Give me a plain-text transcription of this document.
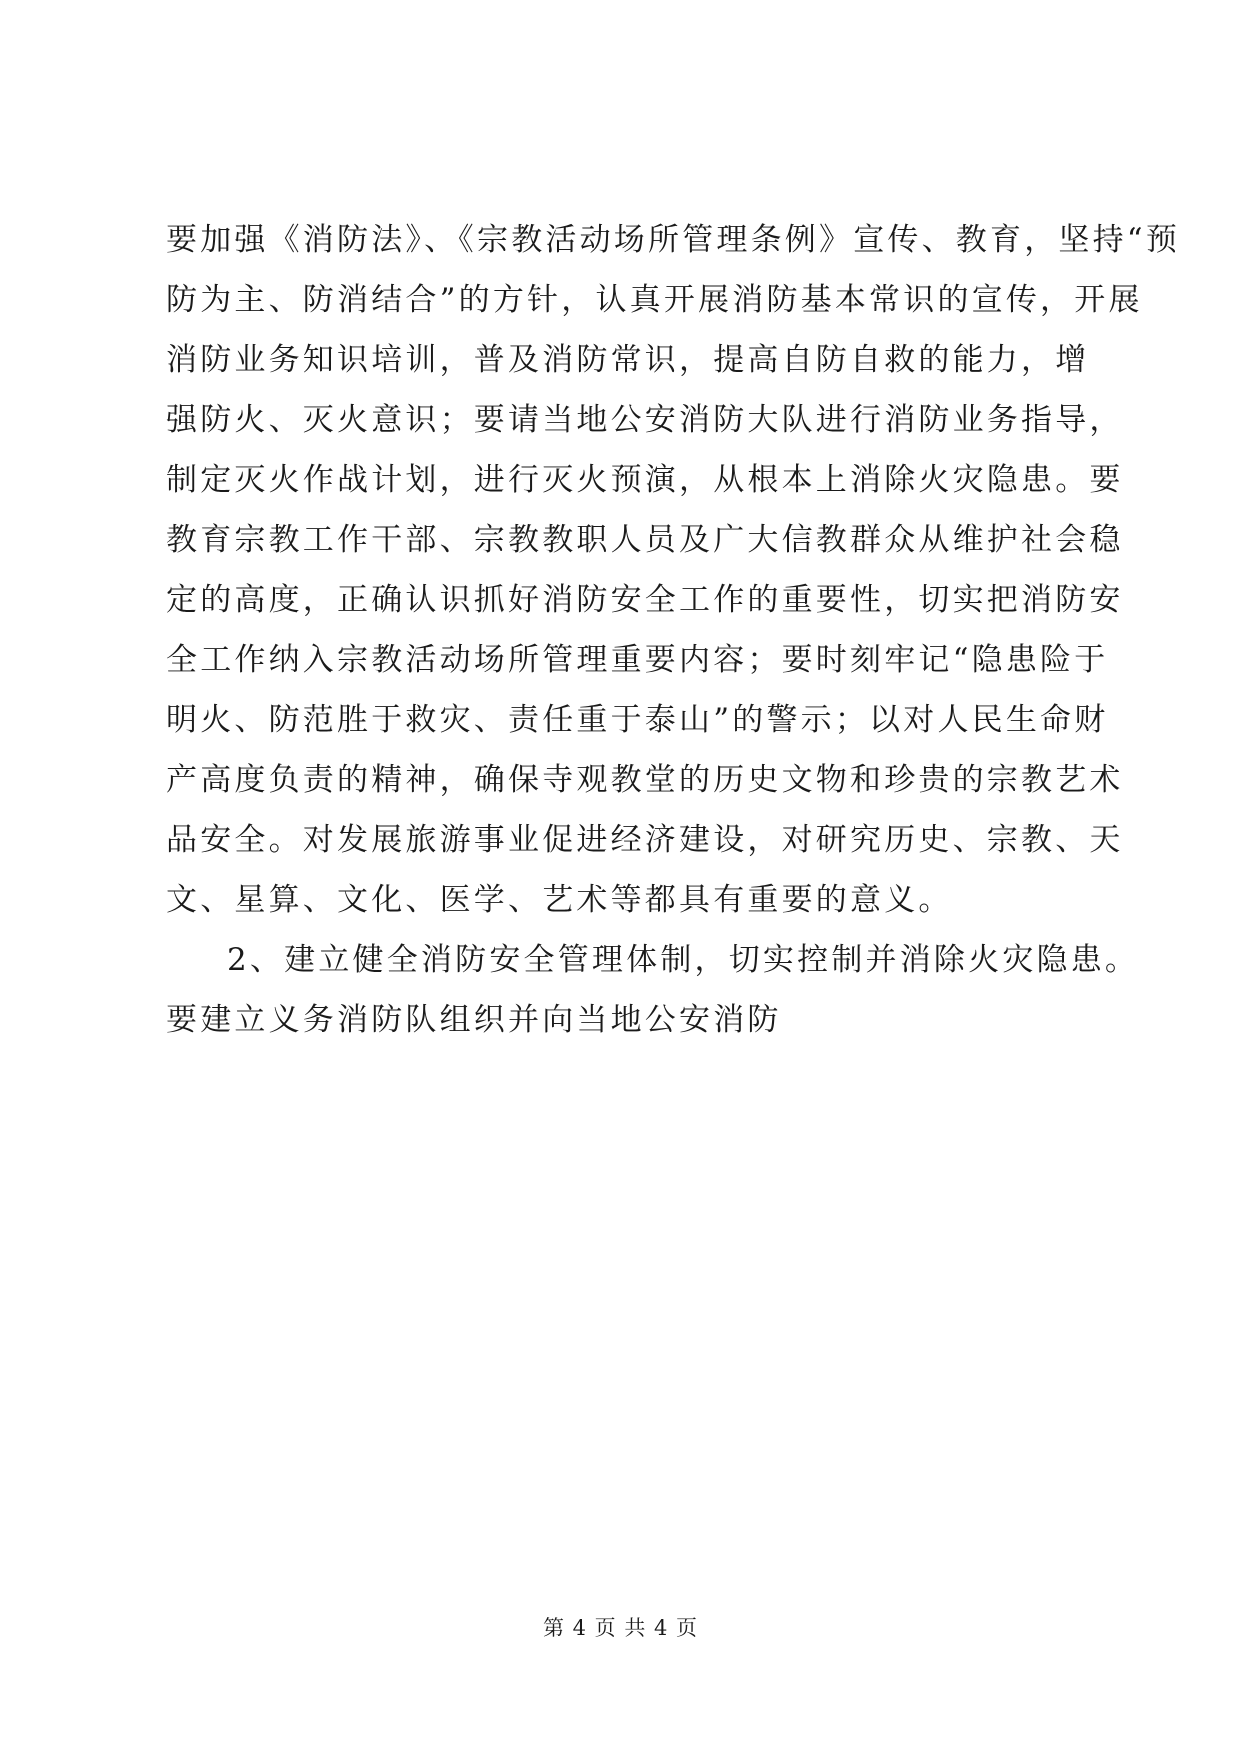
要加强《消防法》、《宗教活动场所管理条例》宣传、教育，坚持“预
防为主、防消结合”的方针，认真开展消防基本常识的宣传，开展
消防业务知识培训，普及消防常识，提高自防自救的能力，增
强防火、灭火意识；要请当地公安消防大队进行消防业务指导，
制定灭火作战计划，进行灭火预演，从根本上消除火灾隐患。要
教育宗教工作干部、宗教教职人员及广大信教群众从维护社会稳
定的高度，正确认识抓好消防安全工作的重要性，切实把消防安
全工作纳入宗教活动场所管理重要内容；要时刻牢记“隐患险于
明火、防范胜于救灾、责任重于泰山”的警示；以对人民生命财
产高度负责的精神，确保寺观教堂的历史文物和珍贵的宗教艺术
品安全。对发展旅游事业促进经济建设，对研究历史、宗教、天
文、星算、文化、医学、艺术等都具有重要的意义。
2、建立健全消防安全管理体制，切实控制并消除火灾隐患。
要建立义务消防队组织并向当地公安消防
第 4 页 共 4 页
